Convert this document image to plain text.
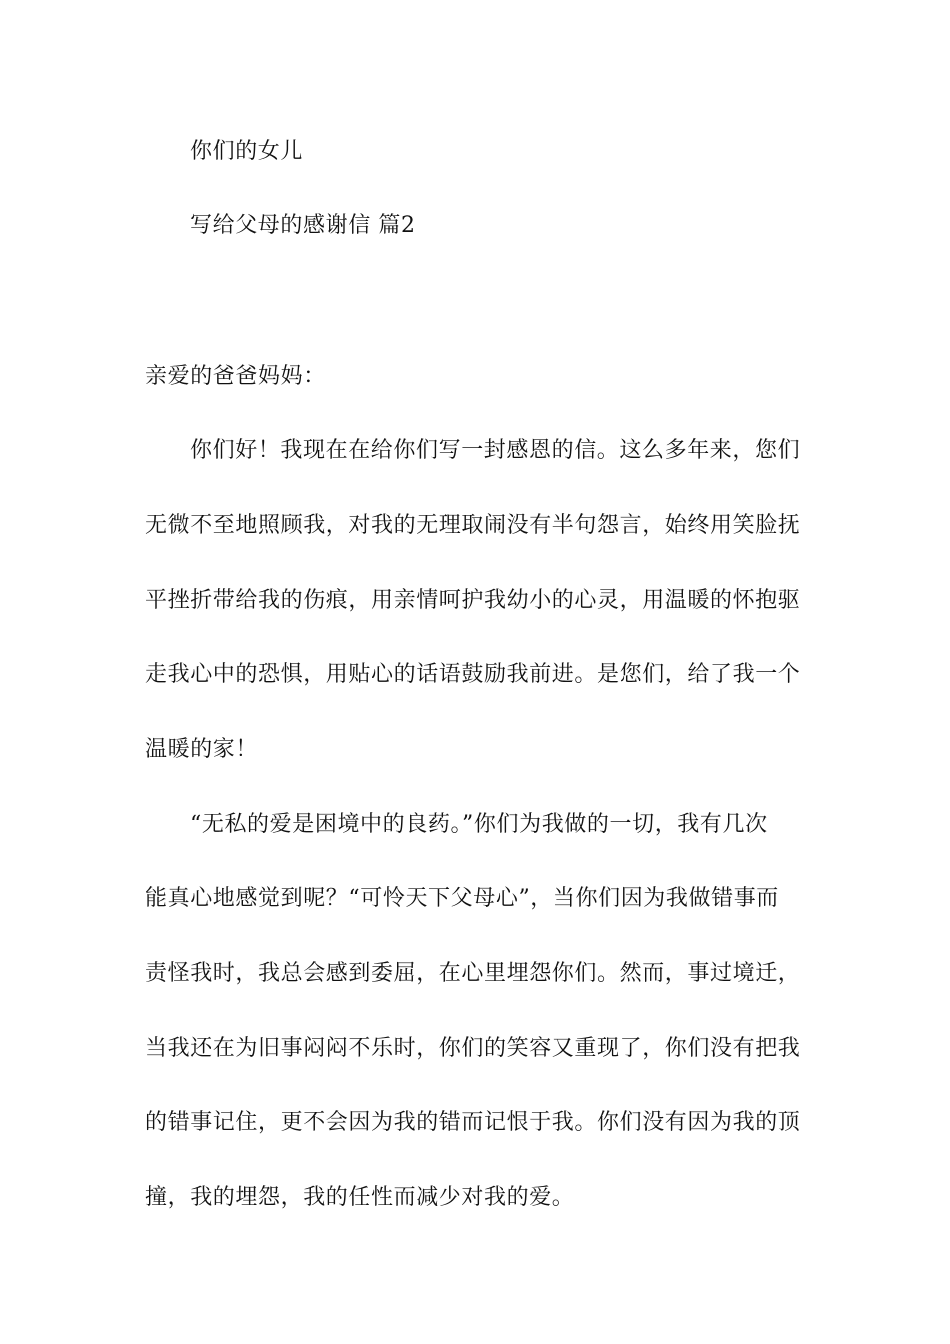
你们的女儿
写给父母的感谢信 篇2
亲爱的爸爸妈妈：
你们好！我现在在给你们写一封感恩的信。这么多年来，您们
无微不至地照顾我，对我的无理取闹没有半句怨言，始终用笑脸抚
平挫折带给我的伤痕，用亲情呵护我幼小的心灵，用温暖的怀抱驱
走我心中的恐惧，用贴心的话语鼓励我前进。是您们，给了我一个
温暖的家！
“无私的爱是困境中的良药。”你们为我做的一切，我有几次
能真心地感觉到呢？“可怜天下父母心”，当你们因为我做错事而
责怪我时，我总会感到委屈，在心里埋怨你们。然而，事过境迁，
当我还在为旧事闷闷不乐时，你们的笑容又重现了，你们没有把我
的错事记住，更不会因为我的错而记恨于我。你们没有因为我的顶
撞，我的埋怨，我的任性而减少对我的爱。
